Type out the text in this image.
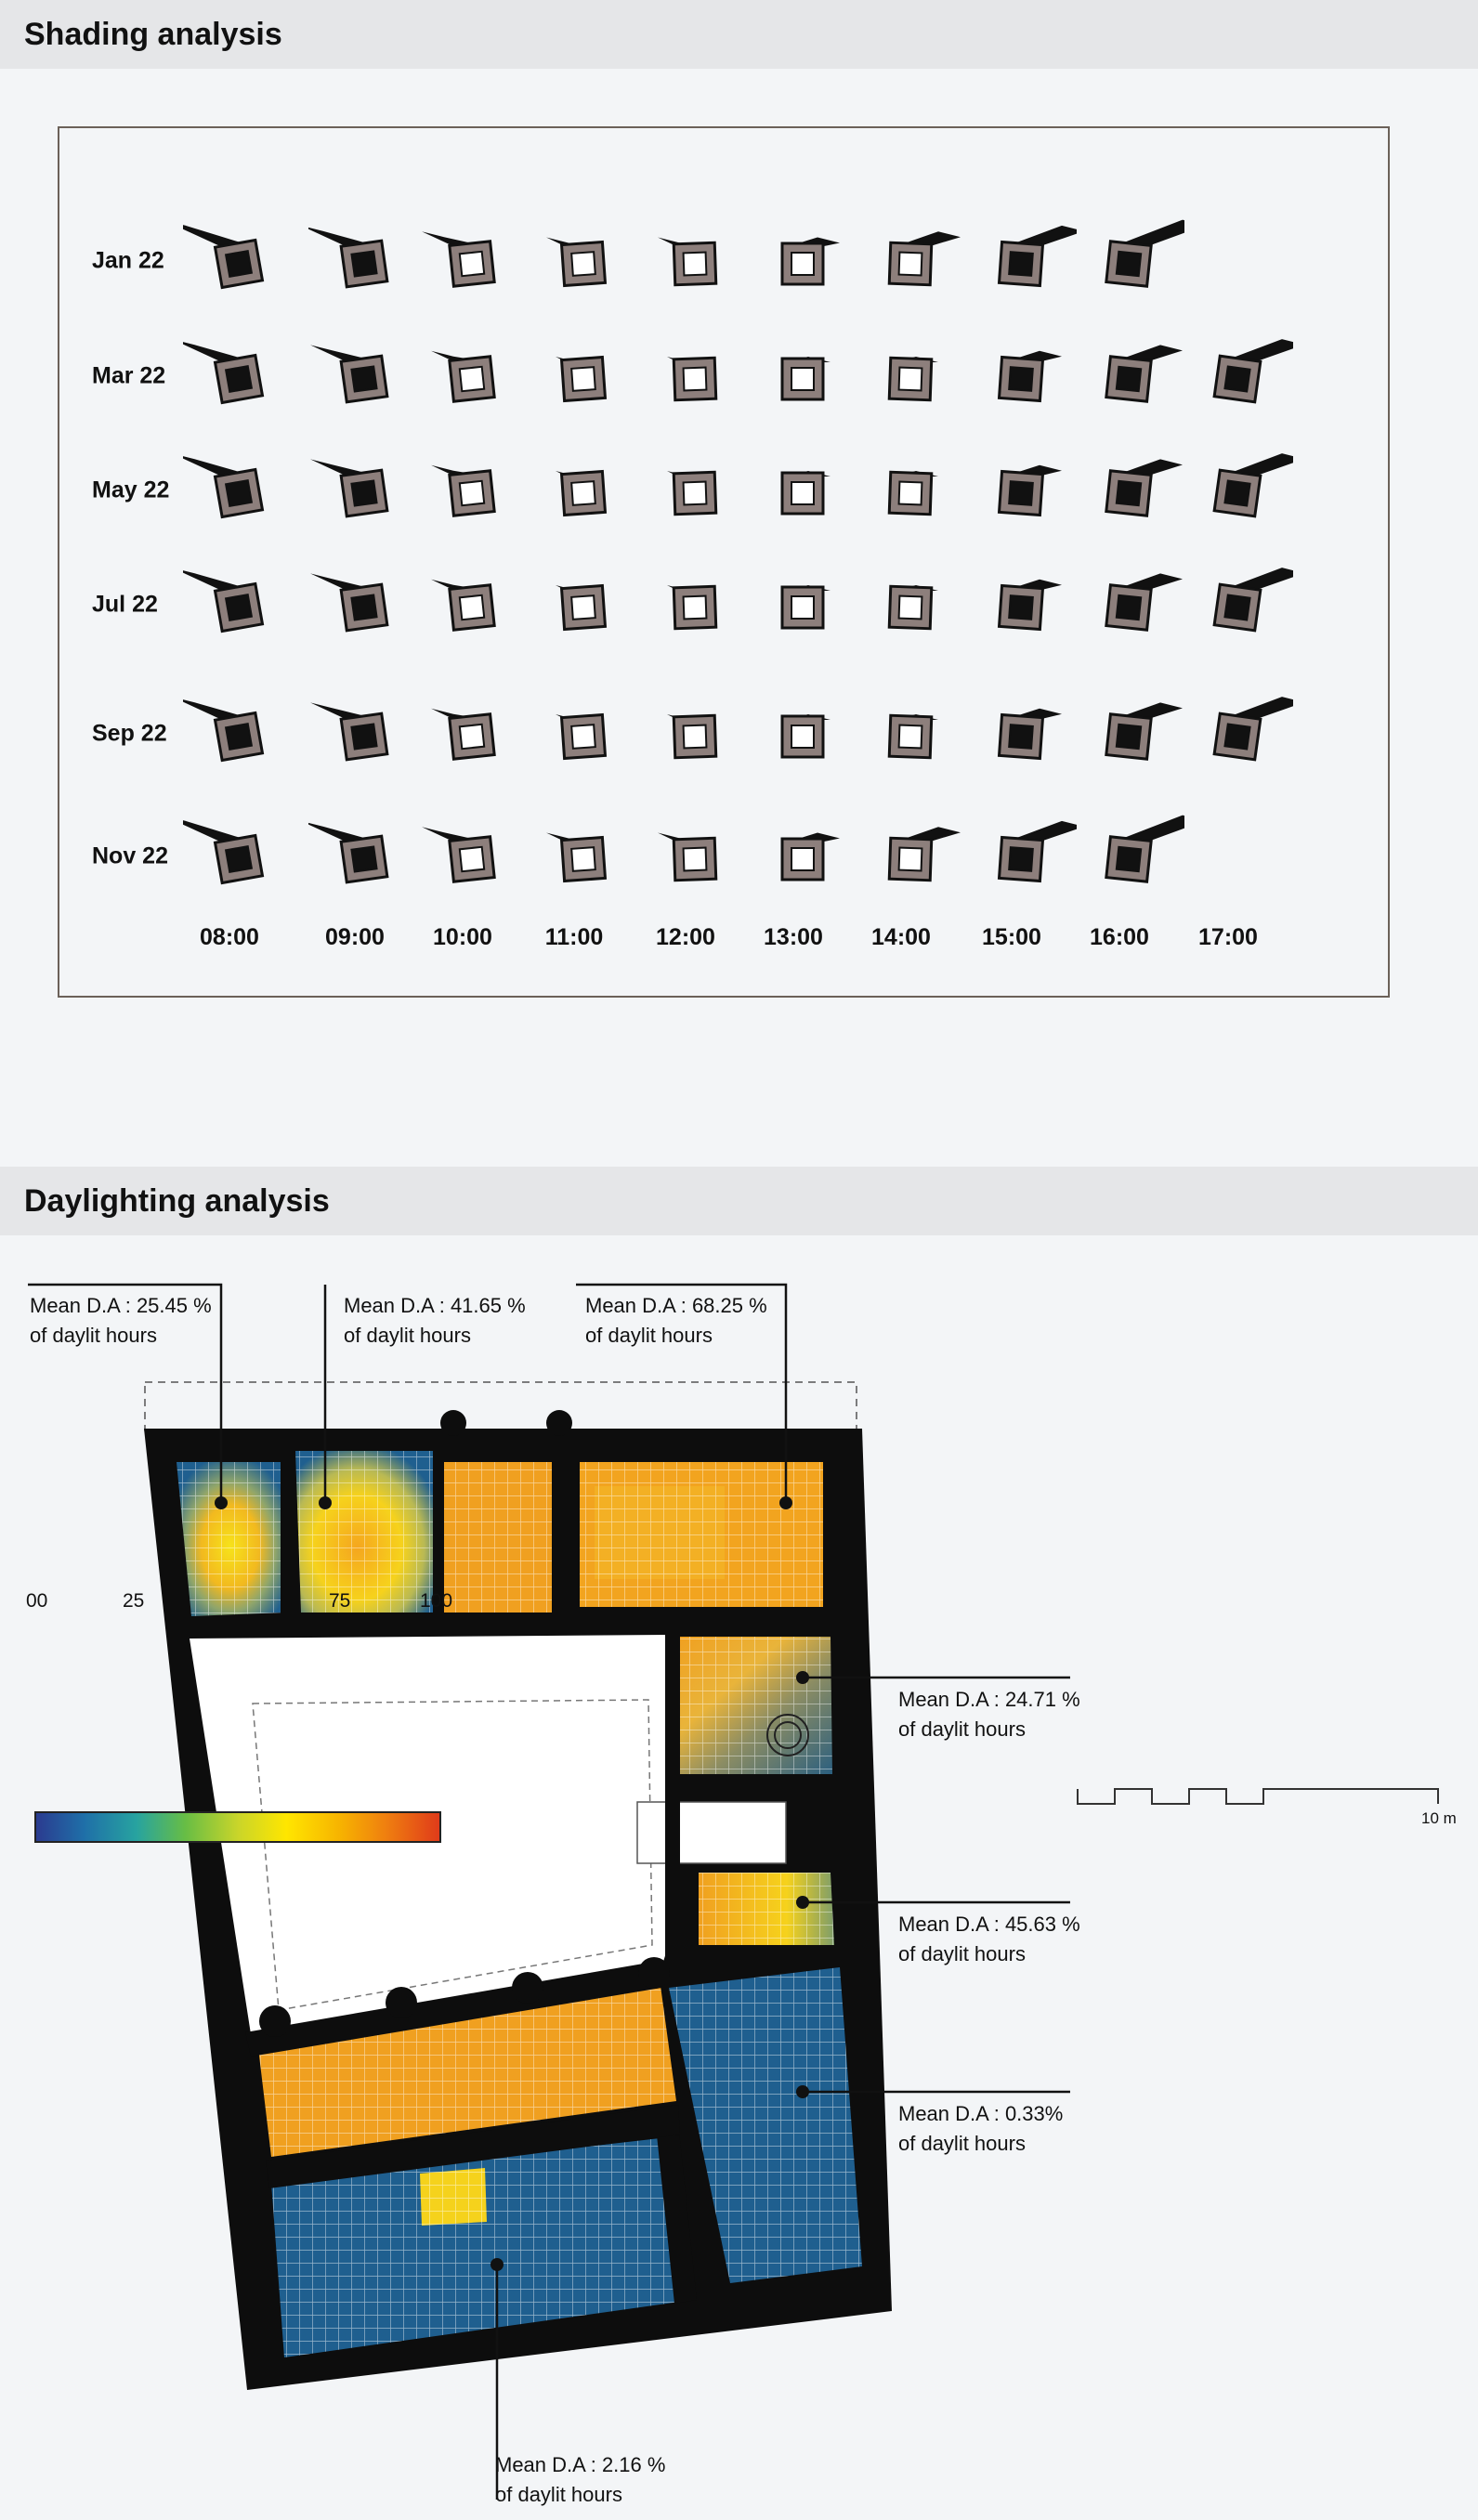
Shading analysis
Jan 22
Mar 22
May 22
Jul 22
Sep 22
Nov 22
08:00	09:00 10:00 11:00 12:00 13:00 14:00 15:00 16:00 17:00
Daylighting analysis
00	25	75	100
10 m
Mean D.A : 25.45 %
of daylit hours
Mean D.A : 41.65 %
of daylit hours
Mean D.A : 68.25 %
of daylit hours
Mean D.A : 24.71 %
of daylit hours
Mean D.A : 45.63 %
of daylit hours
Mean D.A : 0.33%
of daylit hours
Mean D.A : 2.16 %
of daylit hours
